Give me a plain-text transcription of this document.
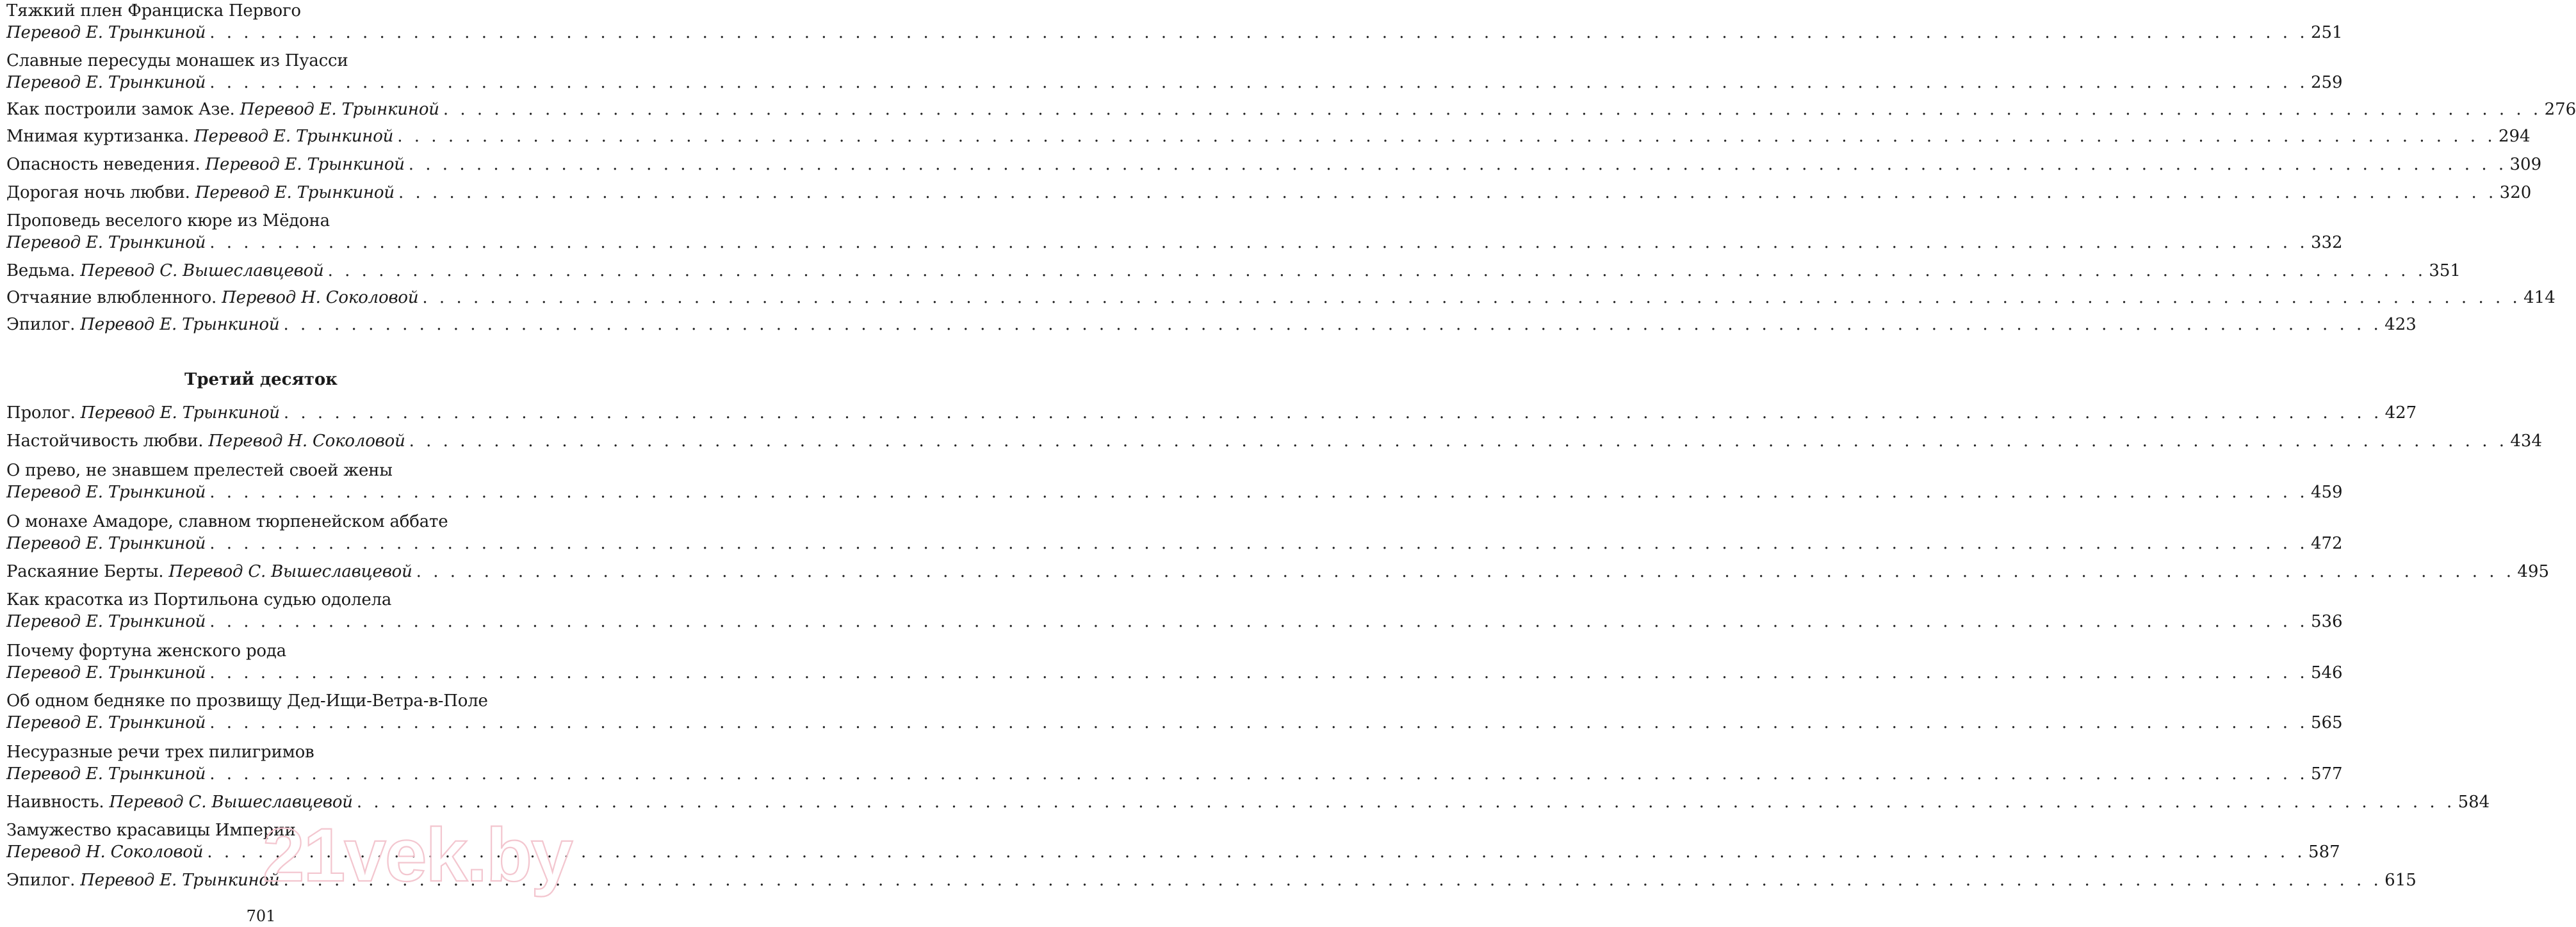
Тяжкий плен Франциска Первого
Перевод Е. Трынкиной . . .	251
Славные пересуды монашек из Пуасси
Перевод Е. Трынкиной . . .	259
Как построили замок Азе. Перевод Е. Трынкиной . . .	276
Мнимая куртизанка. Перевод Е. Трынкиной . . .	294
Опасность неведения. Перевод Е. Трынкиной . . .	309
Дорогая ночь любви. Перевод Е. Трынкиной . . .	320
Проповедь веселого кюре из Мёдона
Перевод Е. Трынкиной . . .	332
Ведьма. Перевод С. Вышеславцевой . . .	351
Отчаяние влюбленного. Перевод Н. Соколовой . . .	414
Эпилог. Перевод Е. Трынкиной . . .	423
Третий десяток
Пролог. Перевод Е. Трынкиной . . .	427
Настойчивость любви. Перевод Н. Соколовой . . .	434
О прево, не знавшем прелестей своей жены
Перевод Е. Трынкиной . . .	459
О монахе Амадоре, славном тюрпенейском аббате
Перевод Е. Трынкиной . . .	472
Раскаяние Берты. Перевод С. Вышеславцевой . . .	495
Как красотка из Портильона судью одолела
Перевод Е. Трынкиной . . .	536
Почему фортуна женского рода
Перевод Е. Трынкиной . . .	546
Об одном бедняке по прозвищу Дед-Ищи-Ветра-в-Поле
Перевод Е. Трынкиной . . .	565
Несуразные речи трех пилигримов
Перевод Е. Трынкиной . . .	577
Наивность. Перевод С. Вышеславцевой . . .	584
Замужество красавицы Империи
Перевод Н. Соколовой . . .	587
Эпилог. Перевод Е. Трынкиной . . .	615
701
21vek.by
